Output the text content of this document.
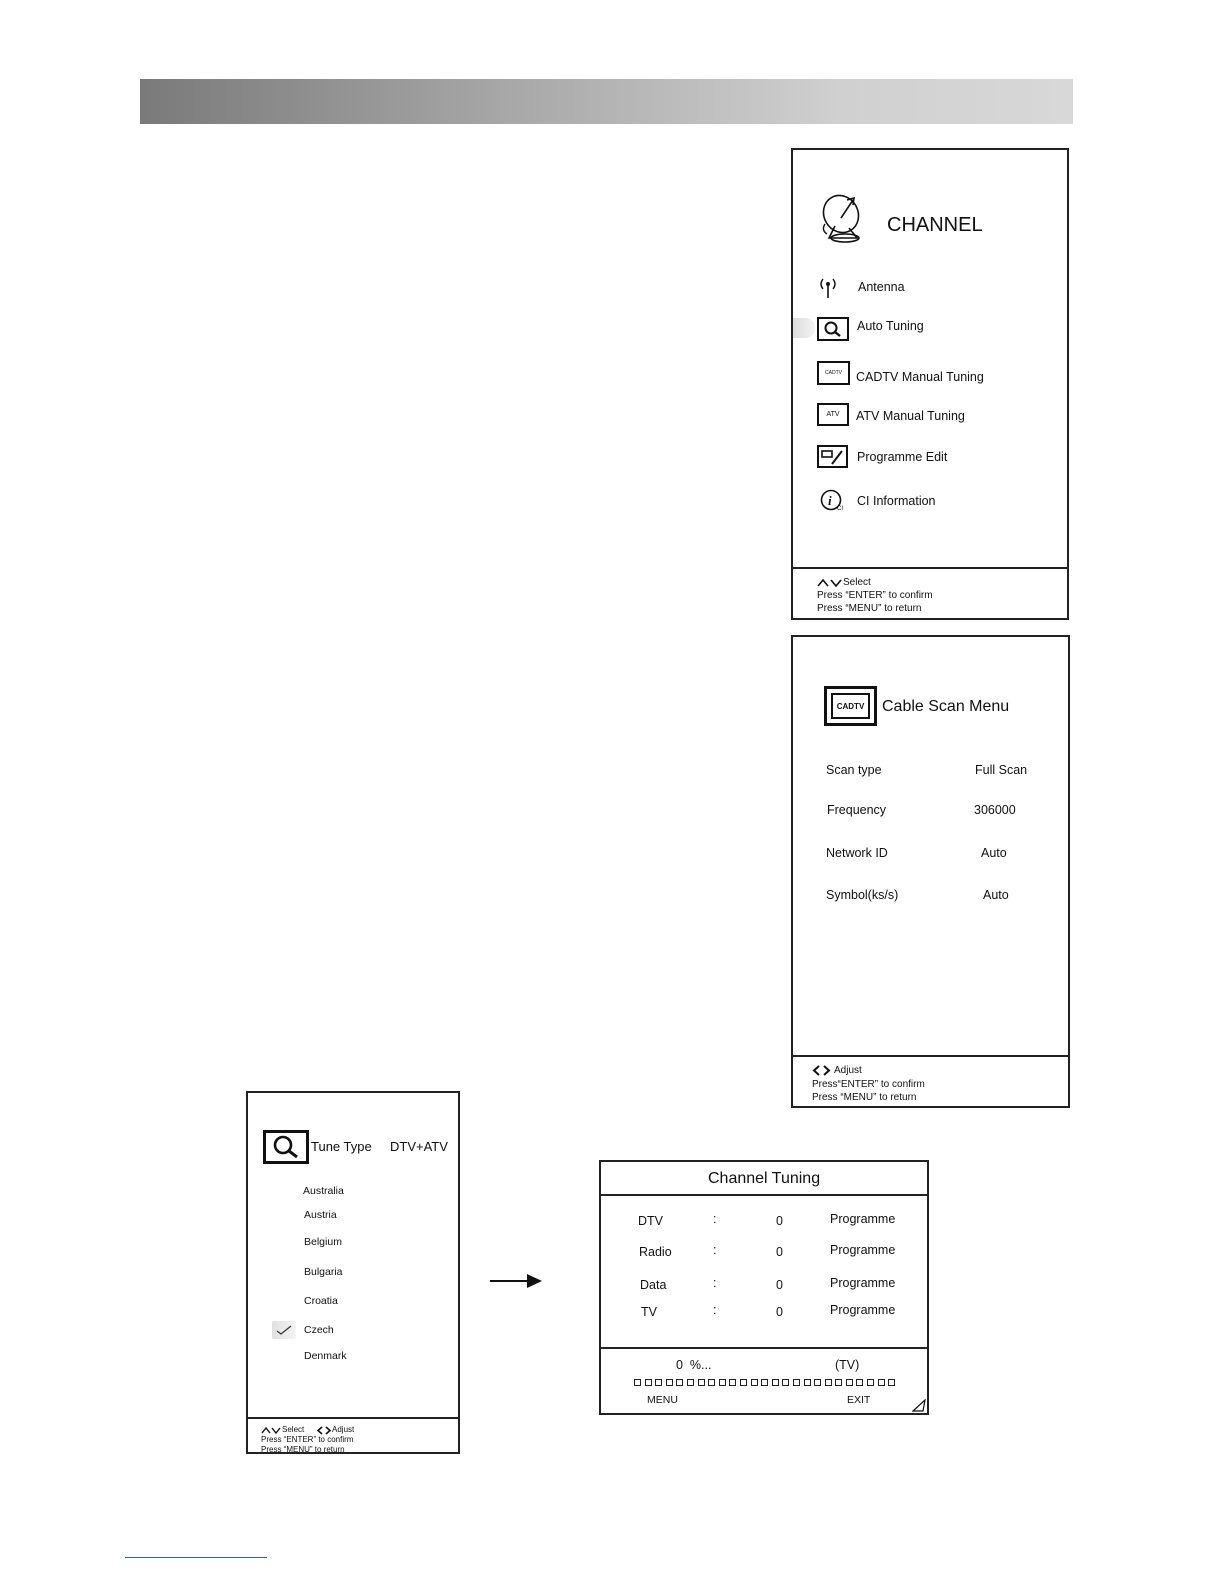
CHANNEL
Antenna
Auto Tuning
CADTV CADTV Manual Tuning
ATV ATV Manual Tuning
Programme Edit
i
CI
CI Information
Select
Press “ENTER” to confirm
Press “MENU” to return
CADTV Cable Scan Menu
Scan type	Full Scan
Frequency	306000
Network ID	Auto
Symbol(ks/s)	Auto
Adjust
Press“ENTER” to confirm
Press “MENU” to return
Tune Type DTV+ATV
Australia
Austria
Belgium
Bulgaria
Croatia
Czech
Denmark
Select	Adjust
Press “ENTER” to confirm
Press “MENU” to return
Channel Tuning
DTV	:	0	Programme
Radio	:	0	Programme
Data	:	0	Programme
TV	:	0	Programme
0  %...	(TV)
MENU	EXIT
